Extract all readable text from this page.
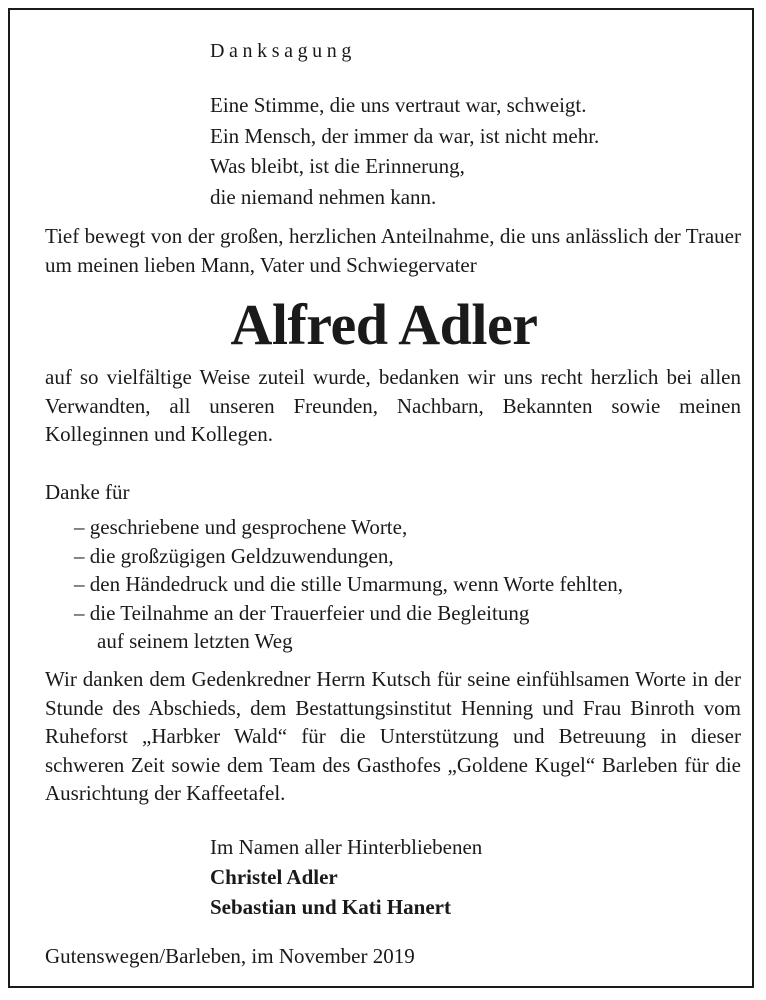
Danksagung
Eine Stimme, die uns vertraut war, schweigt.
Ein Mensch, der immer da war, ist nicht mehr.
Was bleibt, ist die Erinnerung,
die niemand nehmen kann.
Tief bewegt von der großen, herzlichen Anteilnahme, die uns anlässlich der Trauer um meinen lieben Mann, Vater und Schwiegervater
Alfred Adler
auf so vielfältige Weise zuteil wurde, bedanken wir uns recht herzlich bei allen Verwandten, all unseren Freunden, Nachbarn, Bekannten sowie meinen Kolleginnen und Kollegen.
Danke für
– geschriebene und gesprochene Worte,
– die großzügigen Geldzuwendungen,
– den Händedruck und die stille Umarmung, wenn Worte fehlten,
– die Teilnahme an der Trauerfeier und die Begleitung
auf seinem letzten Weg
Wir danken dem Gedenkredner Herrn Kutsch für seine einfühlsamen Worte in der Stunde des Abschieds, dem Bestattungsinstitut Henning und Frau Binroth vom Ruheforst „Harbker Wald“ für die Unterstützung und Betreuung in dieser schweren Zeit sowie dem Team des Gasthofes „Goldene Kugel“ Barleben für die Ausrichtung der Kaffeetafel.
Im Namen aller Hinterbliebenen
Christel Adler
Sebastian und Kati Hanert
Gutenswegen/Barleben, im November 2019
